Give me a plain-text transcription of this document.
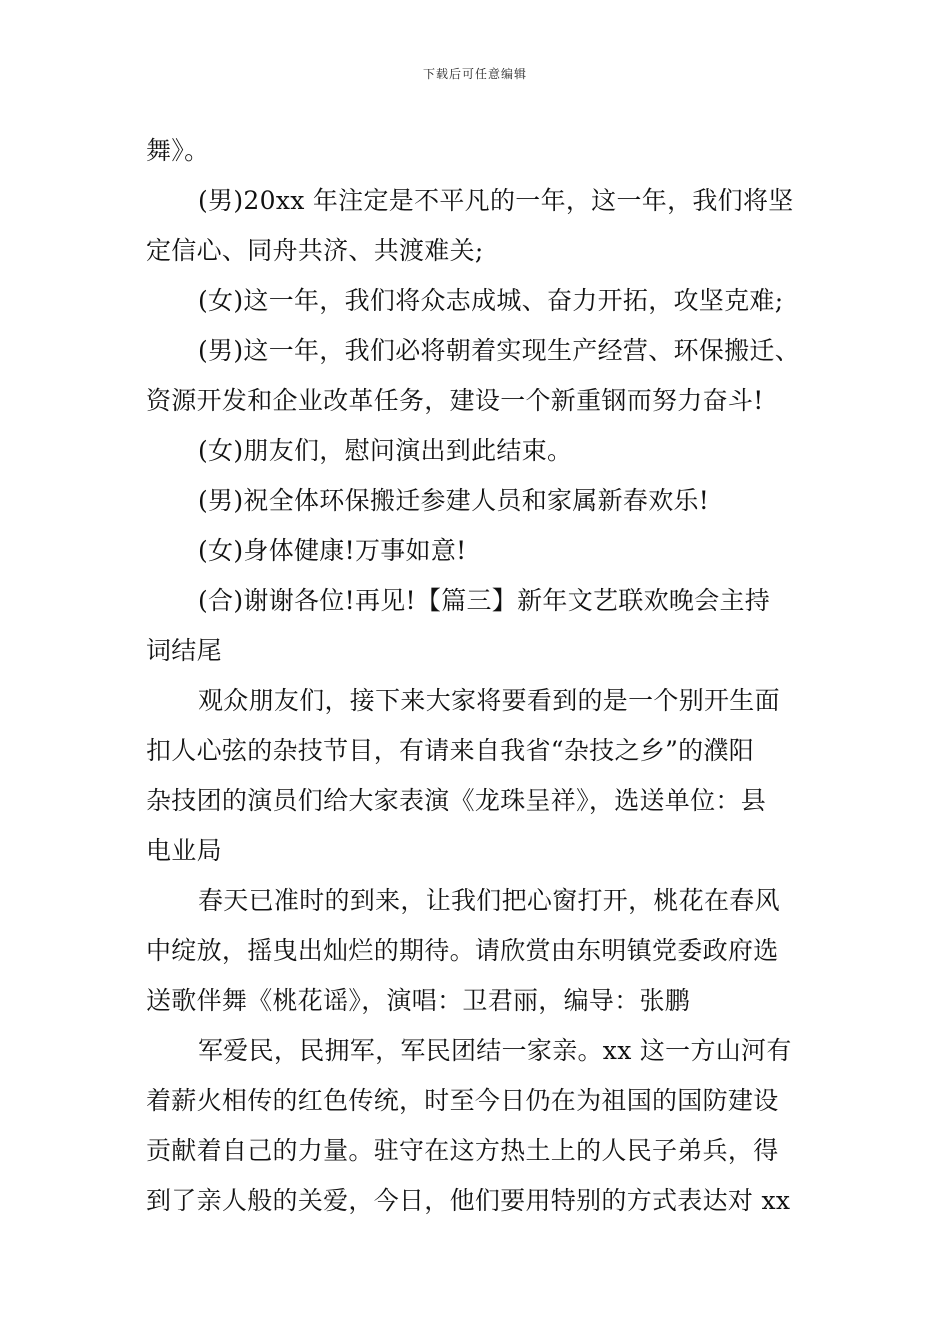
下载后可任意编辑
舞》。
(男)20xx 年注定是不平凡的一年，这一年，我们将坚
定信心、同舟共济、共渡难关;
(女)这一年，我们将众志成城、奋力开拓，攻坚克难;
(男)这一年，我们必将朝着实现生产经营、环保搬迁、
资源开发和企业改革任务，建设一个新重钢而努力奋斗!
(女)朋友们，慰问演出到此结束。
(男)祝全体环保搬迁参建人员和家属新春欢乐!
(女)身体健康!万事如意!
(合)谢谢各位!再见!【篇三】新年文艺联欢晚会主持
词结尾
观众朋友们，接下来大家将要看到的是一个别开生面
扣人心弦的杂技节目，有请来自我省“杂技之乡”的濮阳
杂技团的演员们给大家表演《龙珠呈祥》，选送单位：县
电业局
春天已准时的到来，让我们把心窗打开，桃花在春风
中绽放，摇曳出灿烂的期待。请欣赏由东明镇党委政府选
送歌伴舞《桃花谣》，演唱：卫君丽，编导：张鹏
军爱民，民拥军，军民团结一家亲。xx 这一方山河有
着薪火相传的红色传统，时至今日仍在为祖国的国防建设
贡献着自己的力量。驻守在这方热土上的人民子弟兵，得
到了亲人般的关爱，今日，他们要用特别的方式表达对 xx
